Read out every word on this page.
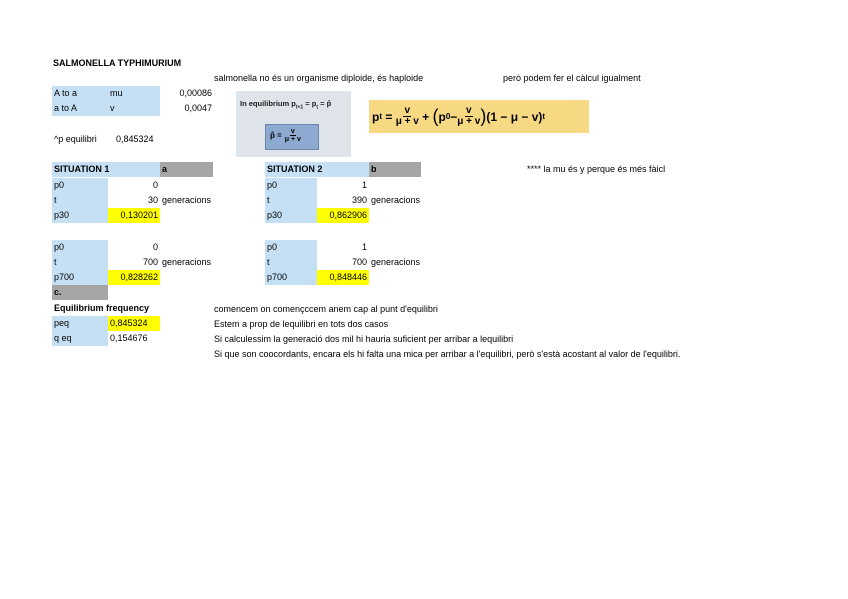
SALMONELLA TYPHIMURIUM
salmonella no és un organisme diploide, és haploide	però podem fer el càlcul igualment
A to a	mu	0,00086
a to A	v	0,0047
^p equilibri	0,845324
In equilibrium $p_{t+1} = p_t$ = p̂
p̂ = $\frac{v}{\mu + v}$
p $t = \frac{v}{\mu + v}$ + ( p $0 - \frac{v}{\mu + v}$ ) (1 − μ − v) t
SITUATION 1	a
p0	0
t	30 generacions
p30	0,130201
p0	0
t	700 generacions
p700	0,828262
c.
SITUATION 2	b
p0	1
t	390 generacions
p30	0,862906
p0	1
t	700 generacions
p700	0,848446
**** la mu és y perque és més fàicl
Equilibrium frequency
peq	0,845324
q eq	0,154676
comencem on començccem anem cap al punt d'equilibri
Estem a prop de lequilibri en tots dos casos
Si calculessim la generació dos mil hi hauria suficient per arribar a lequilibri
Si que son coocordants, encara els hi falta una mica per arribar a l'equilibri, però s'està acostant al valor de l'equilibri.
